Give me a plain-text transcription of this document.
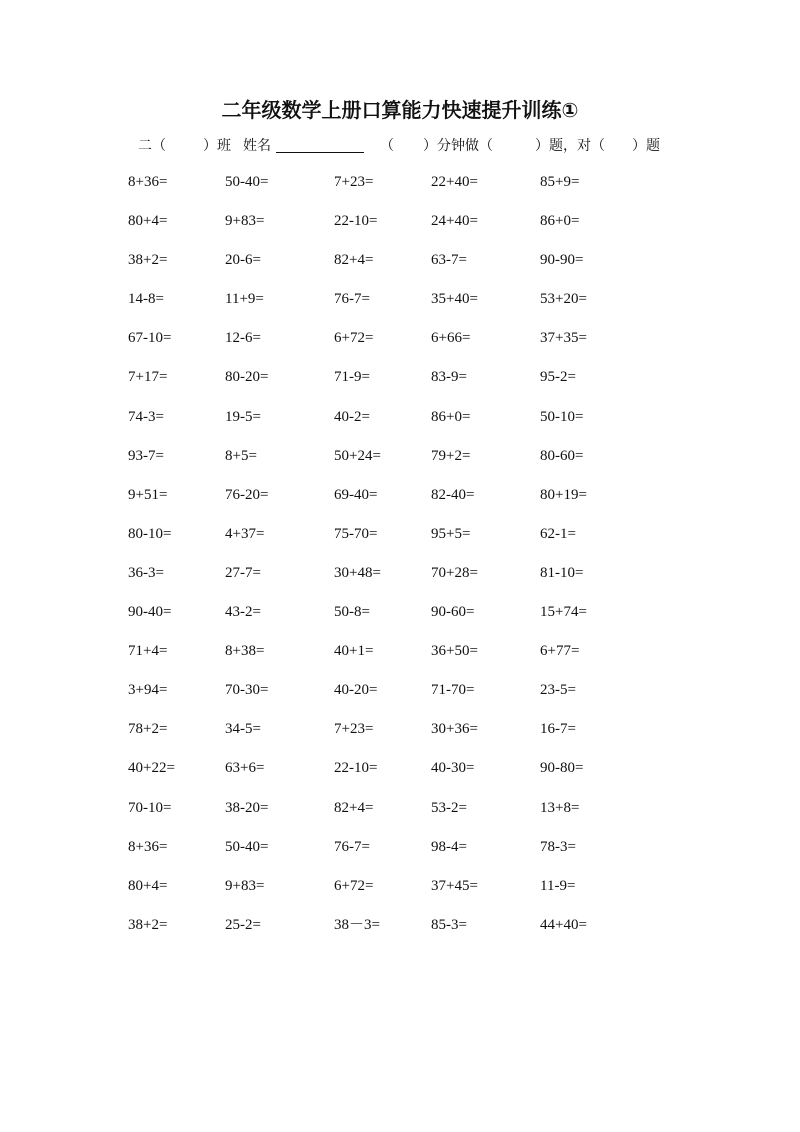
二年级数学上册口算能力快速提升训练①
二（	）班 姓名	（ ）分钟做（	）题，对（ ）题
8+36=	50-40=	7+23=	22+40=	85+9=
80+4=	9+83=	22-10=	24+40=	86+0=
38+2=	20-6=	82+4=	63-7=	90-90=
14-8=	11+9=	76-7=	35+40=	53+20=
67-10=	12-6=	6+72=	6+66=	37+35=
7+17=	80-20=	71-9=	83-9=	95-2=
74-3=	19-5=	40-2=	86+0=	50-10=
93-7=	8+5=	50+24=	79+2=	80-60=
9+51=	76-20=	69-40=	82-40=	80+19=
80-10=	4+37=	75-70=	95+5=	62-1=
36-3=	27-7=	30+48=	70+28=	81-10=
90-40=	43-2=	50-8=	90-60=	15+74=
71+4=	8+38=	40+1=	36+50=	6+77=
3+94=	70-30=	40-20=	71-70=	23-5=
78+2=	34-5=	7+23=	30+36=	16-7=
40+22=	63+6=	22-10=	40-30=	90-80=
70-10=	38-20=	82+4=	53-2=	13+8=
8+36=	50-40=	76-7=	98-4=	78-3=
80+4=	9+83=	6+72=	37+45=	11-9=
38+2=	25-2=	38－3=	85-3=	44+40=
